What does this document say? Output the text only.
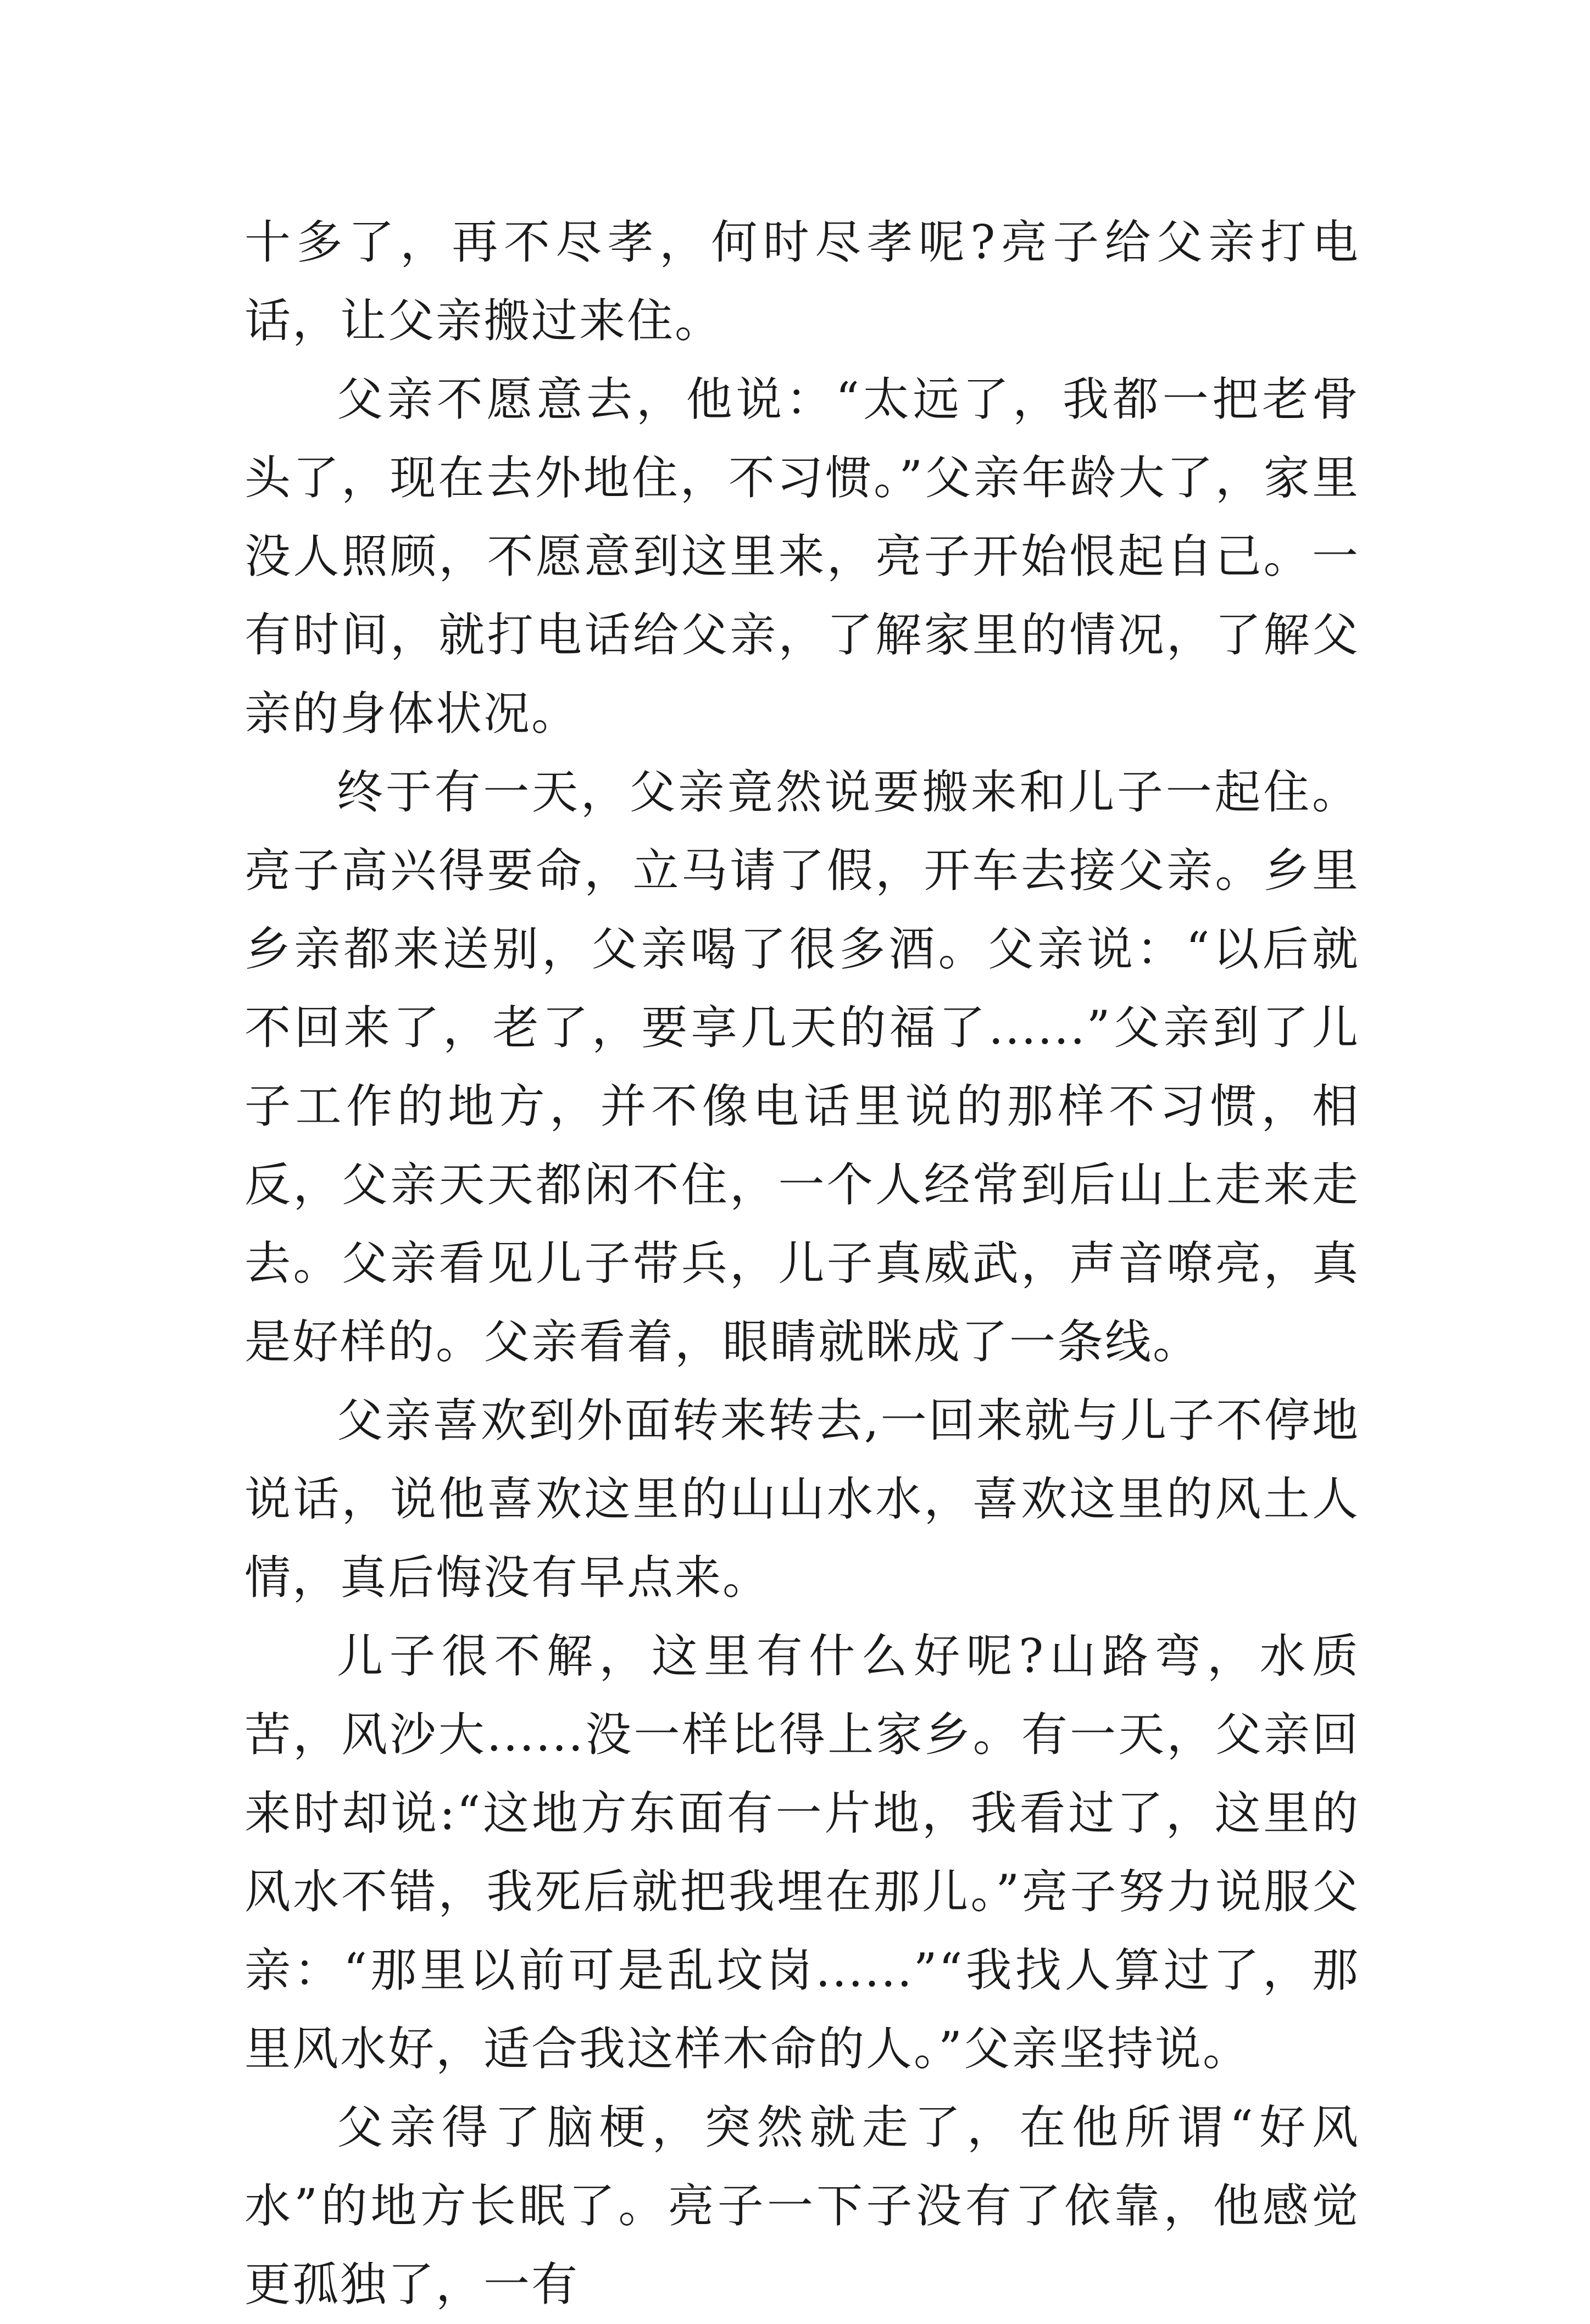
十多了，再不尽孝，何时尽孝呢?亮子给父亲打电话，让父亲搬过来住。

父亲不愿意去，他说：“太远了，我都一把老骨头了，现在去外地住，不习惯。”父亲年龄大了，家里没人照顾，不愿意到这里来，亮子开始恨起自己。一有时间，就打电话给父亲，了解家里的情况，了解父亲的身体状况。

终于有一天，父亲竟然说要搬来和儿子一起住。亮子高兴得要命，立马请了假，开车去接父亲。乡里乡亲都来送别，父亲喝了很多酒。父亲说：“以后就不回来了，老了，要享几天的福了......”父亲到了儿子工作的地方，并不像电话里说的那样不习惯，相反，父亲天天都闲不住，一个人经常到后山上走来走去。父亲看见儿子带兵，儿子真威武，声音嘹亮，真是好样的。父亲看着，眼睛就眯成了一条线。

父亲喜欢到外面转来转去,一回来就与儿子不停地说话，说他喜欢这里的山山水水，喜欢这里的风土人情，真后悔没有早点来。

儿子很不解，这里有什么好呢?山路弯，水质苦，风沙大......没一样比得上家乡。有一天，父亲回来时却说:“这地方东面有一片地，我看过了，这里的风水不错，我死后就把我埋在那儿。”亮子努力说服父亲：“那里以前可是乱坟岗......”“我找人算过了，那里风水好，适合我这样木命的人。”父亲坚持说。

父亲得了脑梗，突然就走了，在他所谓“好风水”的地方长眠了。亮子一下子没有了依靠，他感觉更孤独了，一有
